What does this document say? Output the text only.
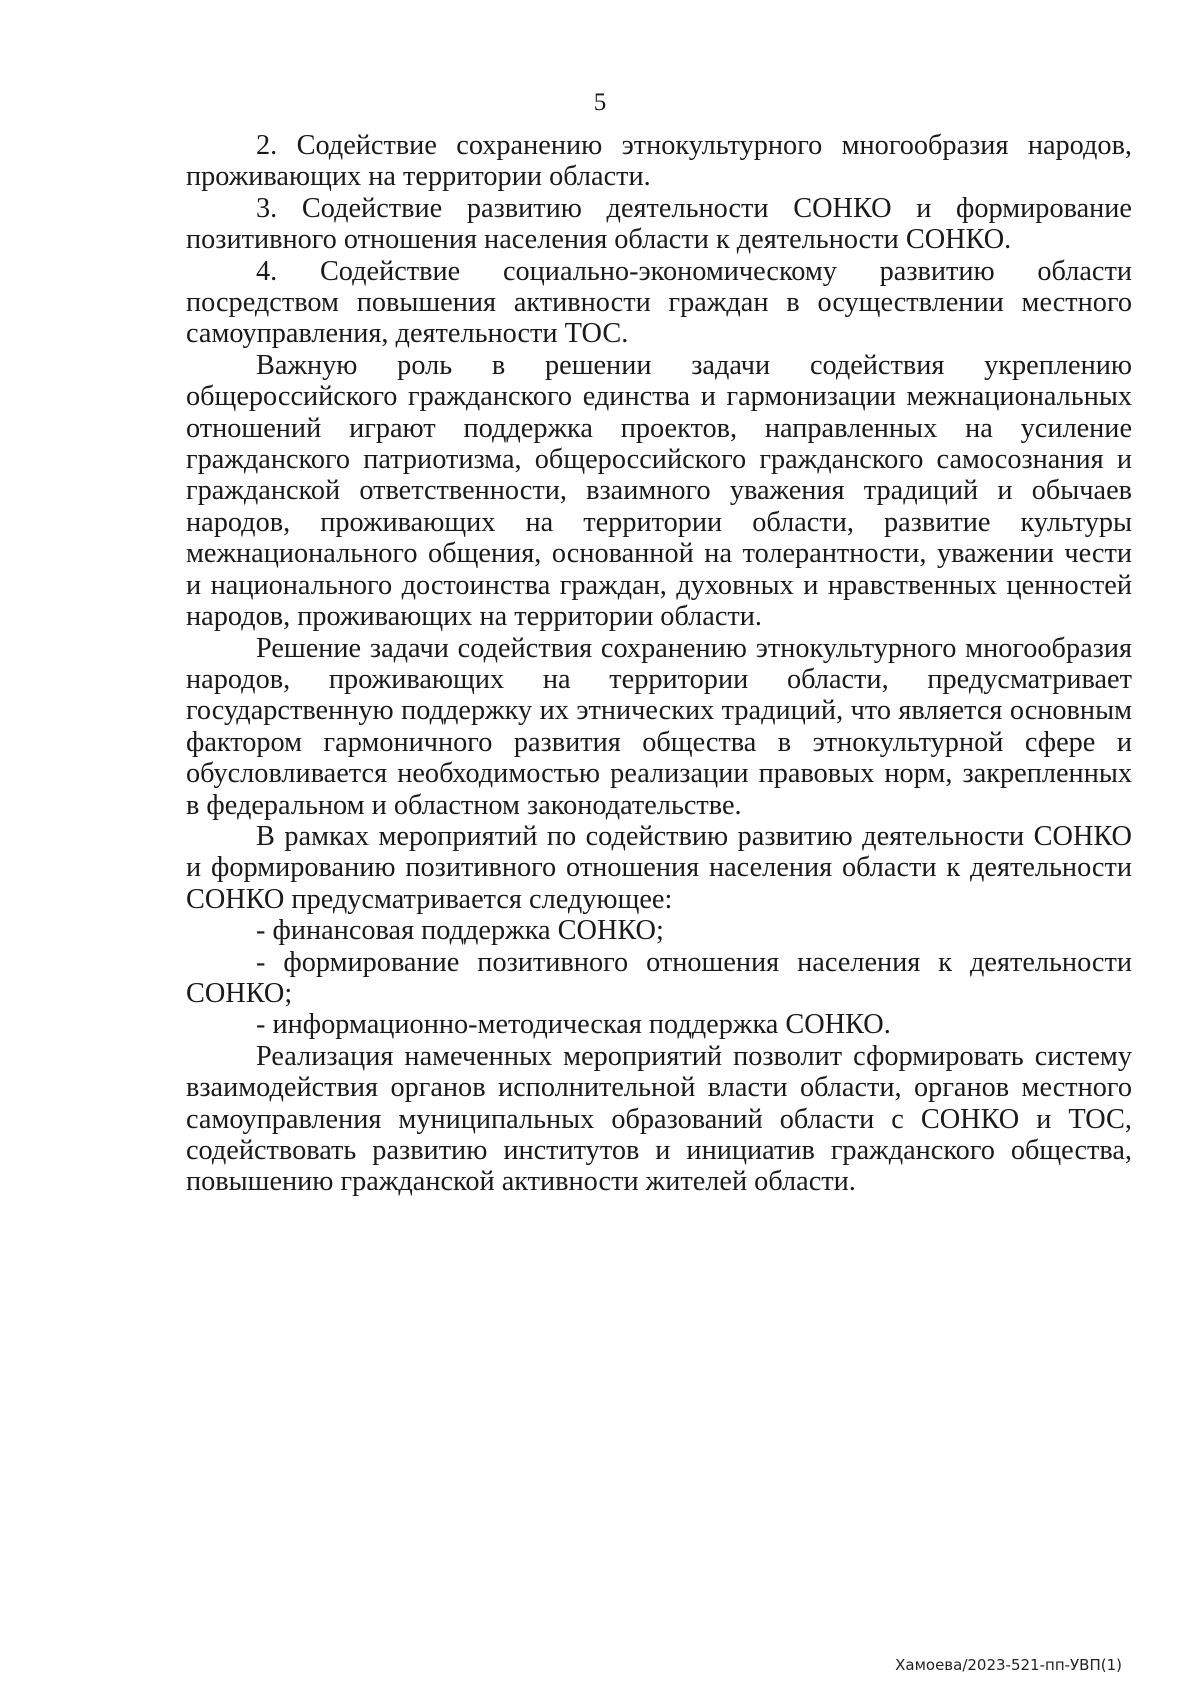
5

2. Содействие сохранению этнокультурного многообразия народов, проживающих на территории области.

3. Содействие развитию деятельности СОНКО и формирование позитивного отношения населения области к деятельности СОНКО.

4. Содействие социально-экономическому развитию области посредством повышения активности граждан в осуществлении местного самоуправления, деятельности ТОС.

Важную роль в решении задачи содействия укреплению общероссийского гражданского единства и гармонизации межнациональных отношений играют поддержка проектов, направленных на усиление гражданского патриотизма, общероссийского гражданского самосознания и гражданской ответственности, взаимного уважения традиций и обычаев народов, проживающих на территории области, развитие культуры межнационального общения, основанной на толерантности, уважении чести и национального достоинства граждан, духовных и нравственных ценностей народов, проживающих на территории области.

Решение задачи содействия сохранению этнокультурного многообразия народов, проживающих на территории области, предусматривает государственную поддержку их этнических традиций, что является основным фактором гармоничного развития общества в этнокультурной сфере и обусловливается необходимостью реализации правовых норм, закрепленных в федеральном и областном законодательстве.

В рамках мероприятий по содействию развитию деятельности СОНКО и формированию позитивного отношения населения области к деятельности СОНКО предусматривается следующее:

- финансовая поддержка СОНКО;

- формирование позитивного отношения населения к деятельности СОНКО;

- информационно-методическая поддержка СОНКО.

Реализация намеченных мероприятий позволит сформировать систему взаимодействия органов исполнительной власти области, органов местного самоуправления муниципальных образований области с СОНКО и ТОС, содействовать развитию институтов и инициатив гражданского общества, повышению гражданской активности жителей области.

Хамоева/2023-521-пп-УВП(1)
